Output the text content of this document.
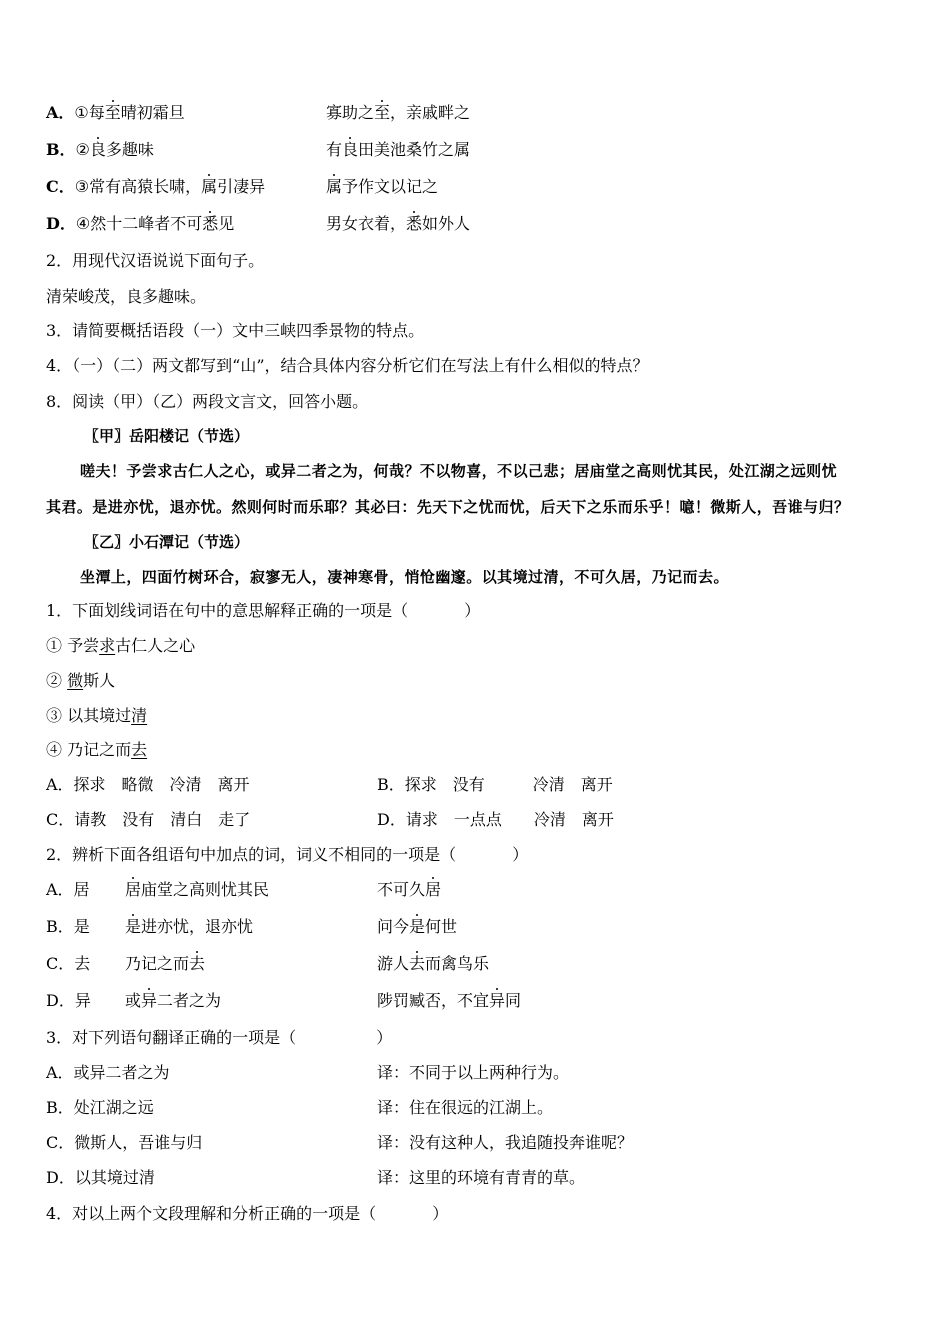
A．①每至晴初霜旦	寡助之至，亲戚畔之
B．②良多趣味	有良田美池桑竹之属
C．③常有高猿长啸，属引凄异	属予作文以记之
D．④然十二峰者不可悉见	男女衣着，悉如外人
2．用现代汉语说说下面句子。
清荣峻茂，良多趣味。
3．请简要概括语段（一）文中三峡四季景物的特点。
4．（一）（二）两文都写到“山”，结合具体内容分析它们在写法上有什么相似的特点？
8．阅读（甲）（乙）两段文言文，回答小题。
〖甲〗岳阳楼记（节选）
嗟夫！予尝求古仁人之心，或异二者之为，何哉？不以物喜，不以己悲；居庙堂之高则忧其民，处江湖之远则忧
其君。是进亦忧，退亦忧。然则何时而乐耶？其必曰：先天下之忧而忧，后天下之乐而乐乎！噫！微斯人，吾谁与归？
〖乙〗小石潭记（节选）
坐潭上，四面竹树环合，寂寥无人，凄神寒骨，悄怆幽邃。以其境过清，不可久居，乃记而去。
1．下面划线词语在句中的意思解释正确的一项是（	）
① 予尝求古仁人之心
② 微斯人
③ 以其境过清
④ 乃记之而去
A．探求　略微　冷清　离开	B．探求　没有　　　冷清　离开
C．请教　没有　清白　走了	D．请求　一点点　　冷清　离开
2．辨析下面各组语句中加点的词，词义不相同的一项是（	）
A．居 居庙堂之高则忧其民	不可久居
B．是 是进亦忧，退亦忧	问今是何世
C．去 乃记之而去	游人去而禽鸟乐
D．异 或异二者之为	陟罚臧否，不宜异同
3．对下列语句翻译正确的一项是（	）
A．或异二者之为	译：不同于以上两种行为。
B．处江湖之远	译：住在很远的江湖上。
C．微斯人，吾谁与归	译：没有这种人，我追随投奔谁呢？
D．以其境过清	译：这里的环境有青青的草。
4．对以上两个文段理解和分析正确的一项是（	）
